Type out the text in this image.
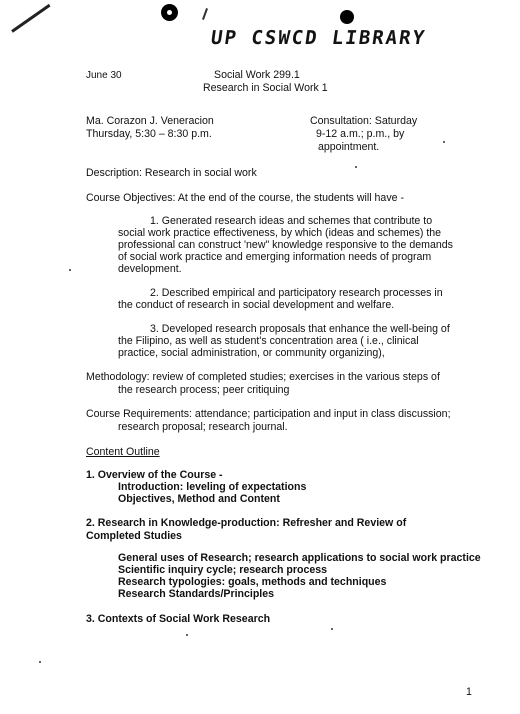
UP CSWCD LIBRARY
June 30	Social Work 299.1
Research in Social Work 1
Ma. Corazon J. Veneracion
Thursday, 5:30 – 8:30 p.m.
Consultation: Saturday
9-12 a.m.; p.m., by
appointment.
Description: Research in social work
Course Objectives: At the end of the course, the students will have -
1. Generated research ideas and schemes that contribute to
social work practice effectiveness, by which (ideas and schemes) the
professional can construct 'new" knowledge responsive to the demands
of social work practice and emerging information needs of program
development.
2. Described empirical and participatory research processes in
the conduct of research in social development and welfare.
3. Developed research proposals that enhance the well-being of
the Filipino, as well as student's concentration area ( i.e., clinical
practice, social administration, or community organizing),
Methodology: review of completed studies; exercises in the various steps of
the research process; peer critiquing
Course Requirements: attendance; participation and input in class discussion;
research proposal; research journal.
Content Outline
1. Overview of the Course -
Introduction: leveling of expectations
Objectives, Method and Content
2. Research in Knowledge-production: Refresher and Review of
Completed Studies
General uses of Research; research applications to social work practice
Scientific inquiry cycle; research process
Research typologies: goals, methods and techniques
Research Standards/Principles
3. Contexts of Social Work Research
1
